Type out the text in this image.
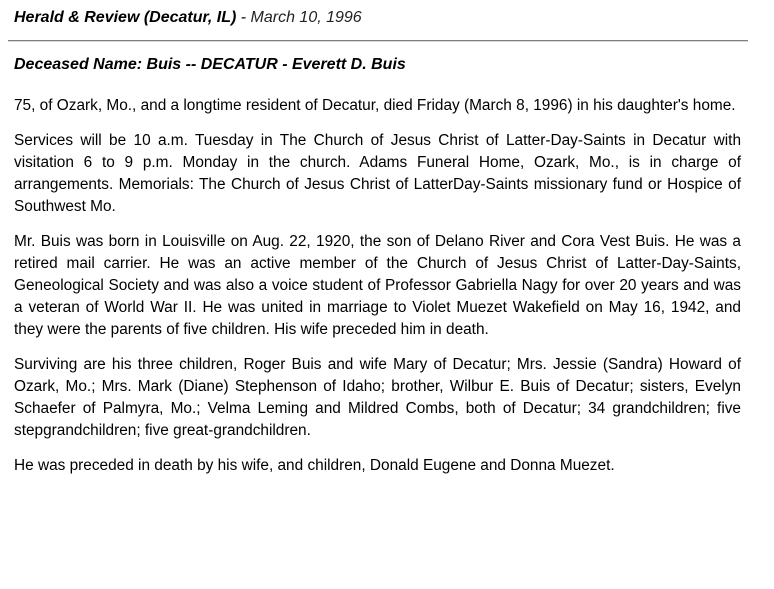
Herald & Review (Decatur, IL) - March 10, 1996
Deceased Name: Buis -- DECATUR - Everett D. Buis

75, of Ozark, Mo., and a longtime resident of Decatur, died Friday (March 8, 1996) in his daughter's home.

Services will be 10 a.m. Tuesday in The Church of Jesus Christ of Latter-Day-Saints in Decatur with visitation 6 to 9 p.m. Monday in the church. Adams Funeral Home, Ozark, Mo., is in charge of arrangements. Memorials: The Church of Jesus Christ of LatterDay-Saints missionary fund or Hospice of Southwest Mo.

Mr. Buis was born in Louisville on Aug. 22, 1920, the son of Delano River and Cora Vest Buis. He was a retired mail carrier. He was an active member of the Church of Jesus Christ of Latter-Day-Saints, Geneological Society and was also a voice student of Professor Gabriella Nagy for over 20 years and was a veteran of World War II. He was united in marriage to Violet Muezet Wakefield on May 16, 1942, and they were the parents of five children. His wife preceded him in death.

Surviving are his three children, Roger Buis and wife Mary of Decatur; Mrs. Jessie (Sandra) Howard of Ozark, Mo.; Mrs. Mark (Diane) Stephenson of Idaho; brother, Wilbur E. Buis of Decatur; sisters, Evelyn Schaefer of Palmyra, Mo.; Velma Leming and Mildred Combs, both of Decatur; 34 grandchildren; five stepgrandchildren; five great-grandchildren.

He was preceded in death by his wife, and children, Donald Eugene and Donna Muezet.
